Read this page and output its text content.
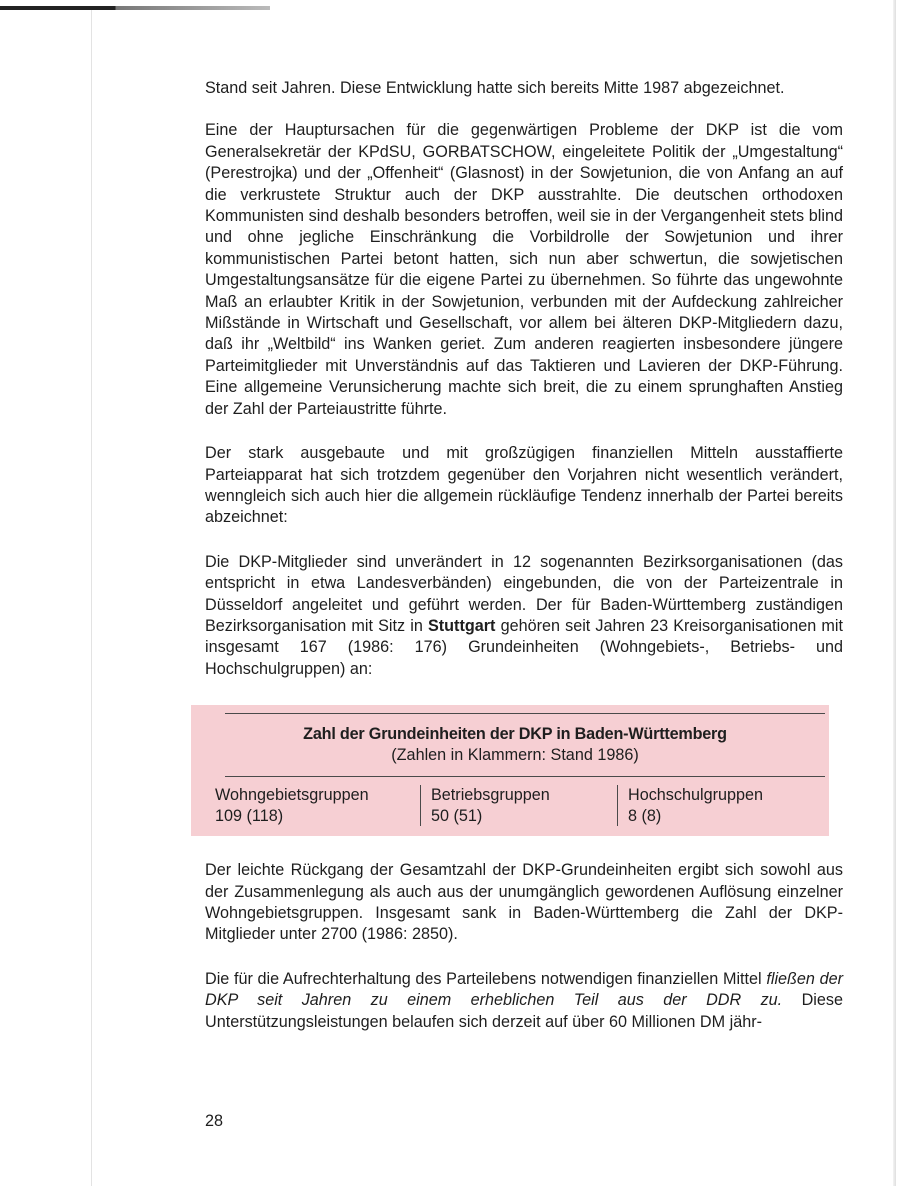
Stand seit Jahren. Diese Entwicklung hatte sich bereits Mitte 1987 abgezeichnet.

Eine der Hauptursachen für die gegenwärtigen Probleme der DKP ist die vom Generalsekretär der KPdSU, GORBATSCHOW, eingeleitete Politik der „Umgestaltung“ (Perestrojka) und der „Offenheit“ (Glasnost) in der Sowjetunion, die von Anfang an auf die verkrustete Struktur auch der DKP ausstrahlte. Die deutschen orthodoxen Kommunisten sind deshalb besonders betroffen, weil sie in der Vergangenheit stets blind und ohne jegliche Einschränkung die Vorbildrolle der Sowjetunion und ihrer kommunistischen Partei betont hatten, sich nun aber schwertun, die sowjetischen Umgestaltungsansätze für die eigene Partei zu übernehmen. So führte das ungewohnte Maß an erlaubter Kritik in der Sowjetunion, verbunden mit der Aufdeckung zahlreicher Mißstände in Wirtschaft und Gesellschaft, vor allem bei älteren DKP-Mitgliedern dazu, daß ihr „Weltbild“ ins Wanken geriet. Zum anderen reagierten insbesondere jüngere Parteimitglieder mit Unverständnis auf das Taktieren und Lavieren der DKP-Führung. Eine allgemeine Verunsicherung machte sich breit, die zu einem sprunghaften Anstieg der Zahl der Parteiaustritte führte.

Der stark ausgebaute und mit großzügigen finanziellen Mitteln ausstaffierte Parteiapparat hat sich trotzdem gegenüber den Vorjahren nicht wesentlich verändert, wenngleich sich auch hier die allgemein rückläufige Tendenz innerhalb der Partei bereits abzeichnet:

Die DKP-Mitglieder sind unverändert in 12 sogenannten Bezirksorganisationen (das entspricht in etwa Landesverbänden) eingebunden, die von der Parteizentrale in Düsseldorf angeleitet und geführt werden. Der für Baden-Württemberg zuständigen Bezirksorganisation mit Sitz in Stuttgart gehören seit Jahren 23 Kreisorganisationen mit insgesamt 167 (1986: 176) Grundeinheiten (Wohngebiets-, Betriebs- und Hochschulgruppen) an:

Zahl der Grundeinheiten der DKP in Baden-Württemberg
(Zahlen in Klammern: Stand 1986)
Wohngebietsgruppen
109 (118)
Betriebsgruppen
50 (51)
Hochschulgruppen
8 (8)

Der leichte Rückgang der Gesamtzahl der DKP-Grundeinheiten ergibt sich sowohl aus der Zusammenlegung als auch aus der unumgänglich gewordenen Auflösung einzelner Wohngebietsgruppen. Insgesamt sank in Baden-Württemberg die Zahl der DKP-Mitglieder unter 2700 (1986: 2850).

Die für die Aufrechterhaltung des Parteilebens notwendigen finanziellen Mittel fließen der DKP seit Jahren zu einem erheblichen Teil aus der DDR zu. Diese Unterstützungsleistungen belaufen sich derzeit auf über 60 Millionen DM jähr-

28
